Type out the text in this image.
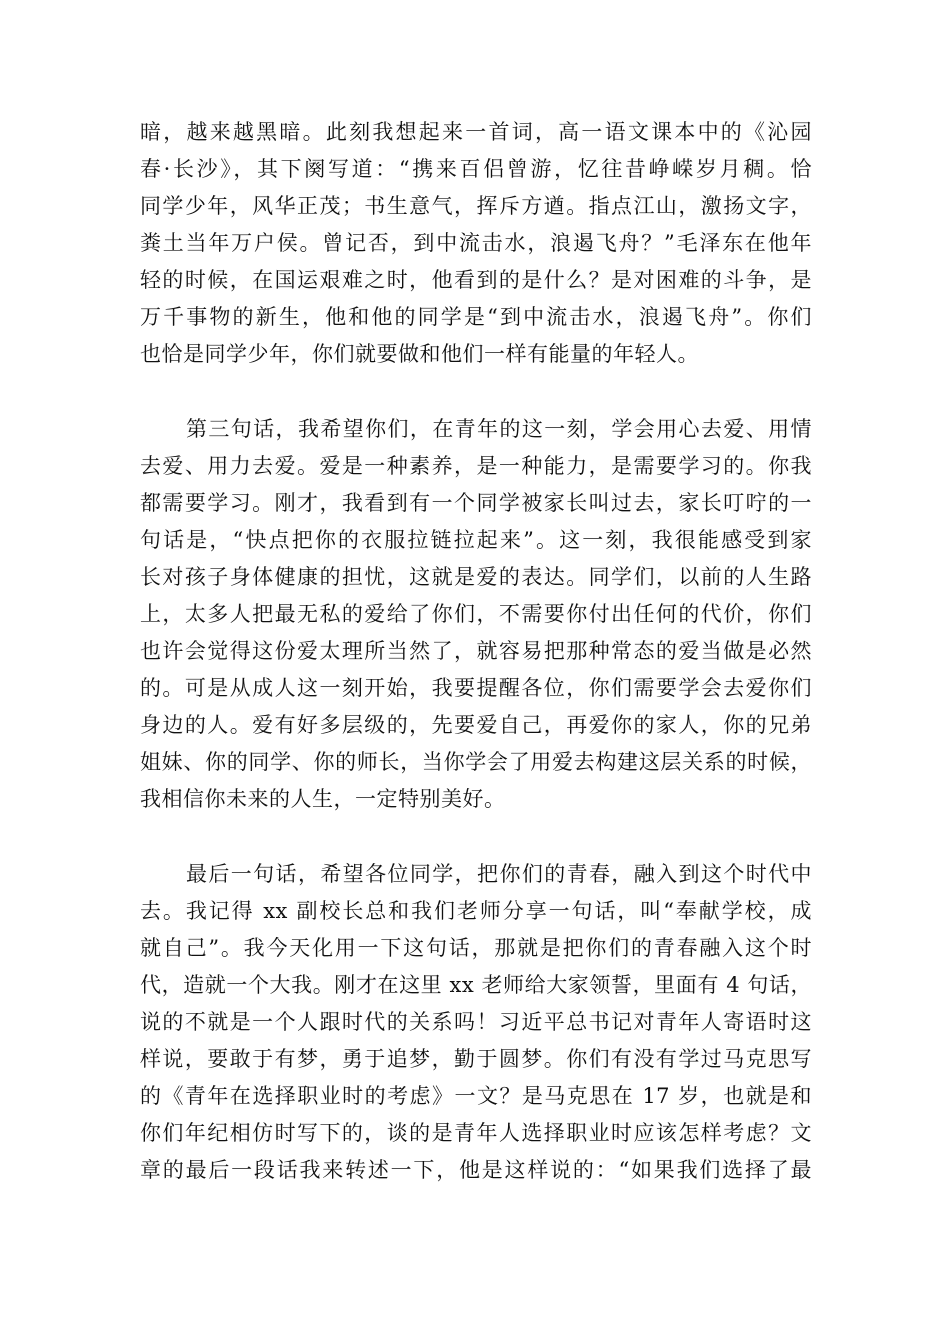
暗，越来越黑暗。此刻我想起来一首词，高一语文课本中的《沁园
春·长沙》，其下阕写道：“携来百侣曾游，忆往昔峥嵘岁月稠。恰
同学少年，风华正茂；书生意气，挥斥方遒。指点江山，激扬文字，
粪土当年万户侯。曾记否，到中流击水，浪遏飞舟？”毛泽东在他年
轻的时候，在国运艰难之时，他看到的是什么？是对困难的斗争，是
万千事物的新生，他和他的同学是“到中流击水，浪遏飞舟”。你们
也恰是同学少年，你们就要做和他们一样有能量的年轻人。
第三句话，我希望你们，在青年的这一刻，学会用心去爱、用情
去爱、用力去爱。爱是一种素养，是一种能力，是需要学习的。你我
都需要学习。刚才，我看到有一个同学被家长叫过去，家长叮咛的一
句话是，“快点把你的衣服拉链拉起来”。这一刻，我很能感受到家
长对孩子身体健康的担忧，这就是爱的表达。同学们，以前的人生路
上，太多人把最无私的爱给了你们，不需要你付出任何的代价，你们
也许会觉得这份爱太理所当然了，就容易把那种常态的爱当做是必然
的。可是从成人这一刻开始，我要提醒各位，你们需要学会去爱你们
身边的人。爱有好多层级的，先要爱自己，再爱你的家人，你的兄弟
姐妹、你的同学、你的师长，当你学会了用爱去构建这层关系的时候，
我相信你未来的人生，一定特别美好。
最后一句话，希望各位同学，把你们的青春，融入到这个时代中
去。我记得 xx 副校长总和我们老师分享一句话，叫“奉献学校，成
就自己”。我今天化用一下这句话，那就是把你们的青春融入这个时
代，造就一个大我。刚才在这里 xx 老师给大家领誓，里面有 4 句话，
说的不就是一个人跟时代的关系吗！习近平总书记对青年人寄语时这
样说，要敢于有梦，勇于追梦，勤于圆梦。你们有没有学过马克思写
的《青年在选择职业时的考虑》一文？是马克思在 17 岁，也就是和
你们年纪相仿时写下的，谈的是青年人选择职业时应该怎样考虑？文
章的最后一段话我来转述一下，他是这样说的：“如果我们选择了最
